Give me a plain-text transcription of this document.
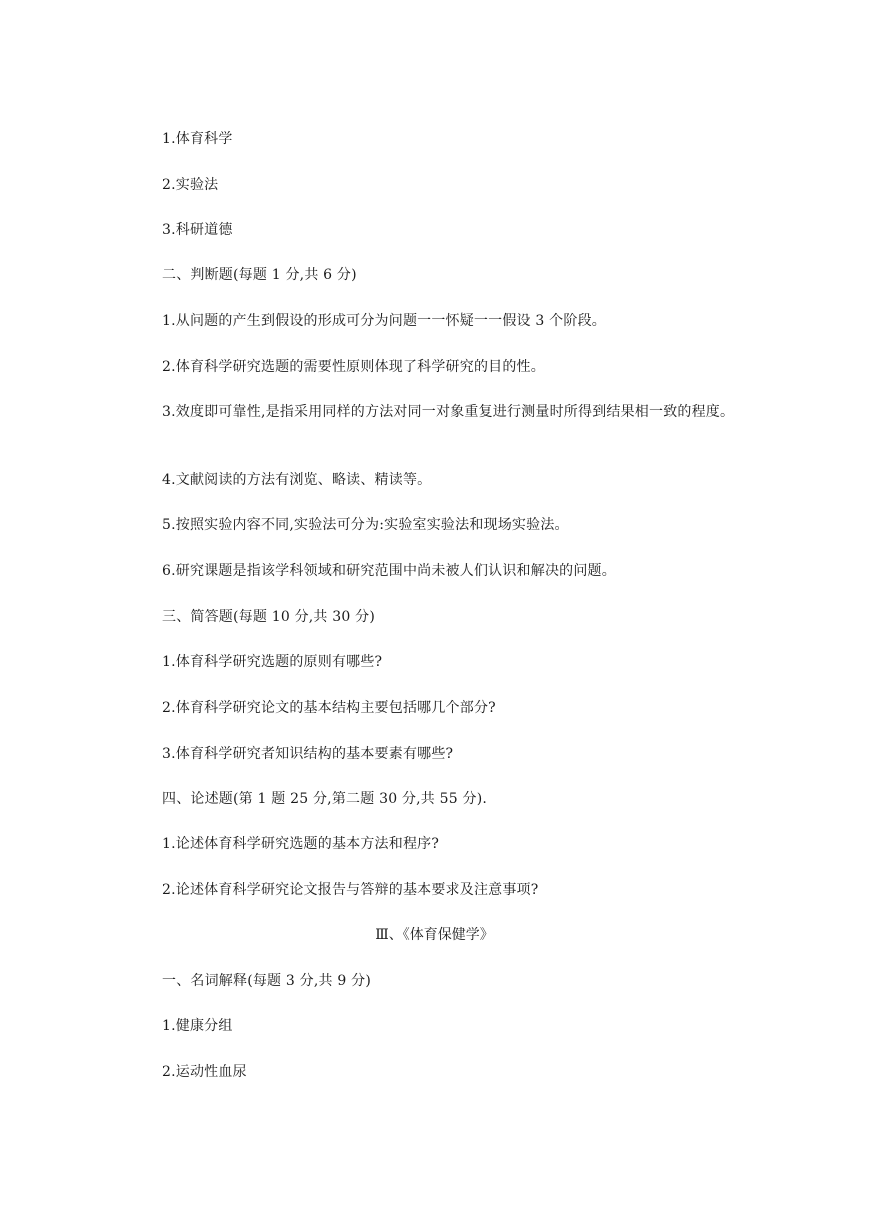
1.体育科学
2.实验法
3.科研道德
二、判断题(每题 1 分,共 6 分)
1.从问题的产生到假设的形成可分为问题一一怀疑一一假设 3 个阶段。
2.体育科学研究选题的需要性原则体现了科学研究的目的性。
3.效度即可靠性,是指采用同样的方法对同一对象重复进行测量时所得到结果相一致的程度。
4.文献阅读的方法有浏览、略读、精读等。
5.按照实验内容不同,实验法可分为:实验室实验法和现场实验法。
6.研究课题是指该学科领域和研究范围中尚未被人们认识和解决的问题。
三、简答题(每题 10 分,共 30 分)
1.体育科学研究选题的原则有哪些?
2.体育科学研究论文的基本结构主要包括哪几个部分?
3.体育科学研究者知识结构的基本要素有哪些?
四、论述题(第 1 题 25 分,第二题 30 分,共 55 分).
1.论述体育科学研究选题的基本方法和程序?
2.论述体育科学研究论文报告与答辩的基本要求及注意事项?
Ⅲ、《体育保健学》
一、名词解释(每题 3 分,共 9 分)
1.健康分组
2.运动性血尿
